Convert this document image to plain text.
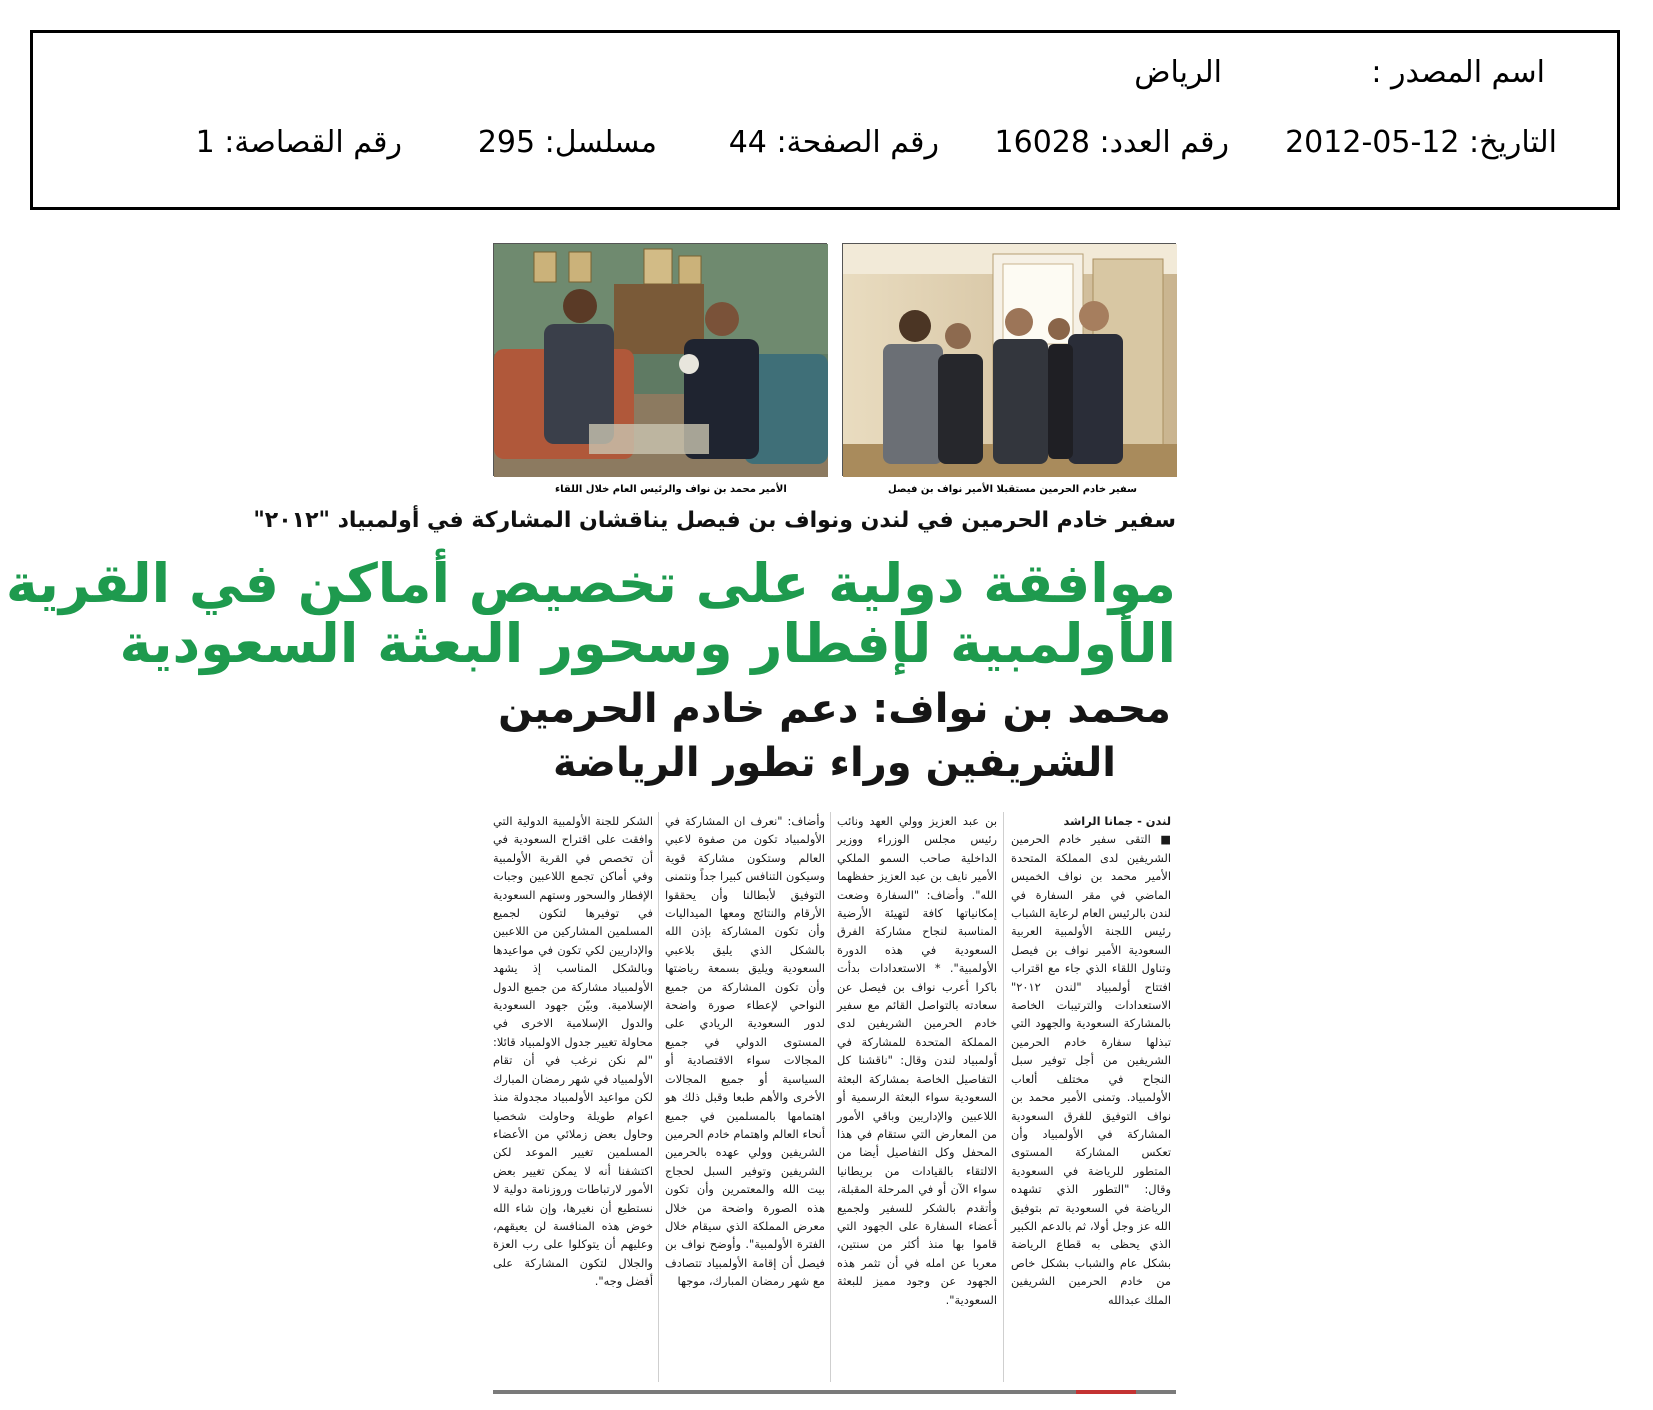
اسم المصدر :
الرياض
التاريخ: 12-05-2012
رقم العدد: 16028
رقم الصفحة: 44
مسلسل: 295
رقم القصاصة: 1
سفير خادم الحرمين مستقبلا الأمير نواف بن فيصل
الأمير محمد بن نواف والرئيس العام خلال اللقاء
سفير خادم الحرمين في لندن ونواف بن فيصل يناقشان المشاركة في أولمبياد "٢٠١٢"
موافقة دولية على تخصيص أماكن في القرية
الأولمبية لإفطار وسحور البعثة السعودية
محمد بن نواف: دعم خادم الحرمين
الشريفين وراء تطور الرياضة
لندن - جمانا الراشد
■ التقى سفير خادم الحرمين الشريفين لدى المملكة المتحدة الأمير محمد بن نواف الخميس الماضي في مقر السفارة في لندن بالرئيس العام لرعاية الشباب رئيس اللجنة الأولمبية العربية السعودية الأمير نواف بن فيصل وتناول اللقاء الذي جاء مع اقتراب افتتاح أولمبياد "لندن ٢٠١٢" الاستعدادات والترتيبات الخاصة بالمشاركة السعودية والجهود التي تبذلها سفارة خادم الحرمين الشريفين من أجل توفير سبل النجاح في مختلف ألعاب الأولمبياد. وتمنى الأمير محمد بن نواف التوفيق للفرق السعودية المشاركة في الأولمبياد وأن تعكس المشاركة المستوى المتطور للرياضة في السعودية وقال: "التطور الذي تشهده الرياضة في السعودية تم بتوفيق الله عز وجل أولا، ثم بالدعم الكبير الذي يحظى به قطاع الرياضة بشكل عام والشباب بشكل خاص من خادم الحرمين الشريفين الملك عبدالله
بن عبد العزيز وولي العهد ونائب رئيس مجلس الوزراء ووزير الداخلية صاحب السمو الملكي الأمير نايف بن عبد العزيز حفظهما الله". وأضاف: "السفارة وضعت إمكانياتها كافة لتهيئة الأرضية المناسبة لنجاح مشاركة الفرق السعودية في هذه الدورة الأولمبية". * الاستعدادات بدأت باكرا أعرب نواف بن فيصل عن سعادته بالتواصل القائم مع سفير خادم الحرمين الشريفين لدى المملكة المتحدة للمشاركة في أولمبياد لندن وقال: "ناقشنا كل التفاصيل الخاصة بمشاركة البعثة السعودية سواء البعثة الرسمية أو اللاعبين والإداريين وباقي الأمور من المعارض التي ستقام في هذا المحفل وكل التفاصيل أيضا من الالتقاء بالقيادات من بريطانيا سواء الآن أو في المرحلة المقبلة، وأتقدم بالشكر للسفير ولجميع أعضاء السفارة على الجهود التي قاموا بها منذ أكثر من سنتين، معربا عن امله في أن تثمر هذه الجهود عن وجود مميز للبعثة السعودية".
وأضاف: "نعرف ان المشاركة في الأولمبياد تكون من صفوة لاعبي العالم وستكون مشاركة قوية وسيكون التنافس كبيرا جداً ونتمنى التوفيق لأبطالنا وأن يحققوا الأرقام والنتائج ومعها الميداليات وأن تكون المشاركة بإذن الله بالشكل الذي يليق بلاعبي السعودية ويليق بسمعة رياضتها وأن تكون المشاركة من جميع النواحي لإعطاء صورة واضحة لدور السعودية الريادي على المستوى الدولي في جميع المجالات سواء الاقتصادية أو السياسية أو جميع المجالات الأخرى والأهم طبعا وقبل ذلك هو اهتمامها بالمسلمين في جميع أنحاء العالم واهتمام خادم الحرمين الشريفين وولي عهده بالحرمين الشريفين وتوفير السبل لحجاج بيت الله والمعتمرين وأن تكون هذه الصورة واضحة من خلال معرض المملكة الذي سيقام خلال الفترة الأولمبية". وأوضح نواف بن فيصل أن إقامة الأولمبياد تتصادف مع شهر رمضان المبارك، موجها
الشكر للجنة الأولمبية الدولية التي وافقت على اقتراح السعودية في أن تخصص في القرية الأولمبية وفي أماكن تجمع اللاعبين وجبات الإفطار والسحور وستهم السعودية في توفيرها لتكون لجميع المسلمين المشاركين من اللاعبين والإداريين لكي تكون في مواعيدها وبالشكل المناسب إذ يشهد الأولمبياد مشاركة من جميع الدول الإسلامية. وبيّن جهود السعودية والدول الإسلامية الاخرى في محاولة تغيير جدول الاولمبياد قائلا: "لم نكن نرغب في أن تقام الأولمبياد في شهر رمضان المبارك لكن مواعيد الأولمبياد مجدولة منذ اعوام طويلة وحاولت شخصيا وحاول بعض زملائي من الأعضاء المسلمين تغيير الموعد لكن اكتشفنا أنه لا يمكن تغيير بعض الأمور لارتباطات وروزنامة دولية لا نستطيع أن نغيرها، وإن شاء الله خوض هذه المنافسة لن يعيقهم، وعليهم أن يتوكلوا على رب العزة والجلال لتكون المشاركة على أفضل وجه".
